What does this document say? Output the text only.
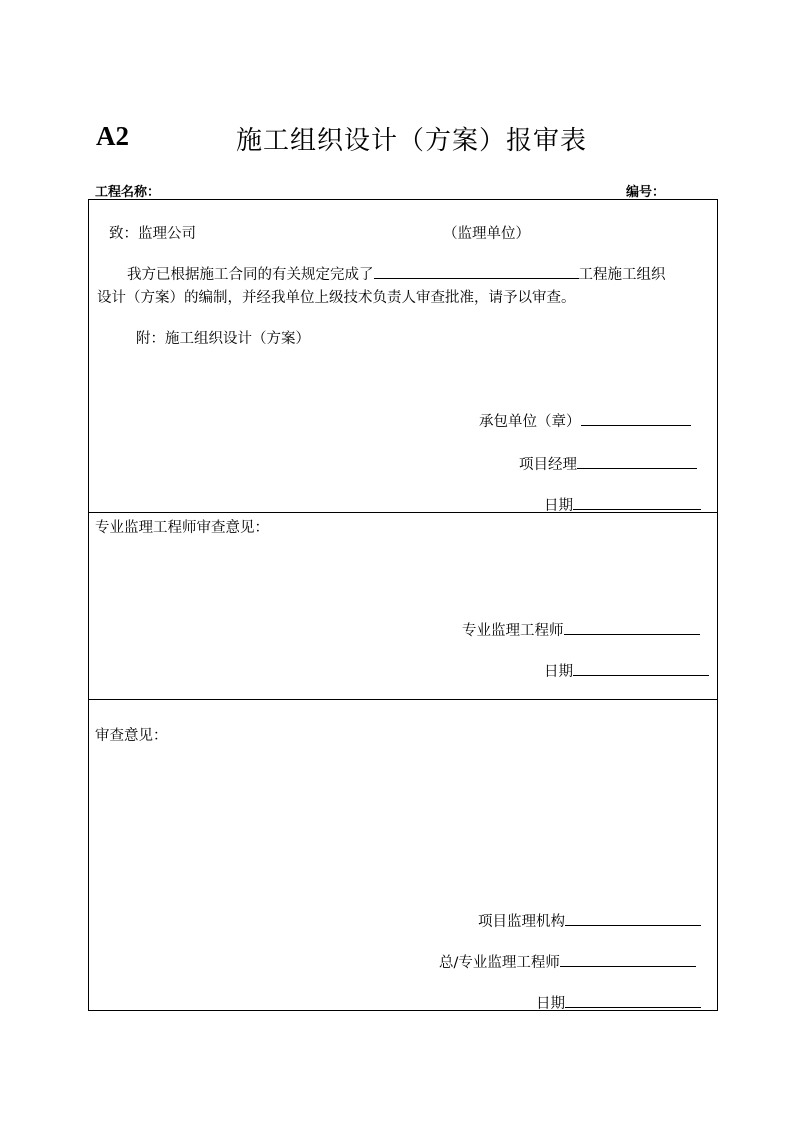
A2	施工组织设计（方案）报审表
工程名称：	编号：
致：监理公司	（监理单位）
我方已根据施工合同的有关规定完成了	工程施工组织
设计（方案）的编制，并经我单位上级技术负责人审查批准，请予以审查。
附：施工组织设计（方案）
承包单位（章）
项目经理
日期
专业监理工程师审查意见：
专业监理工程师
日期
审查意见：
项目监理机构
总/专业监理工程师
日期
